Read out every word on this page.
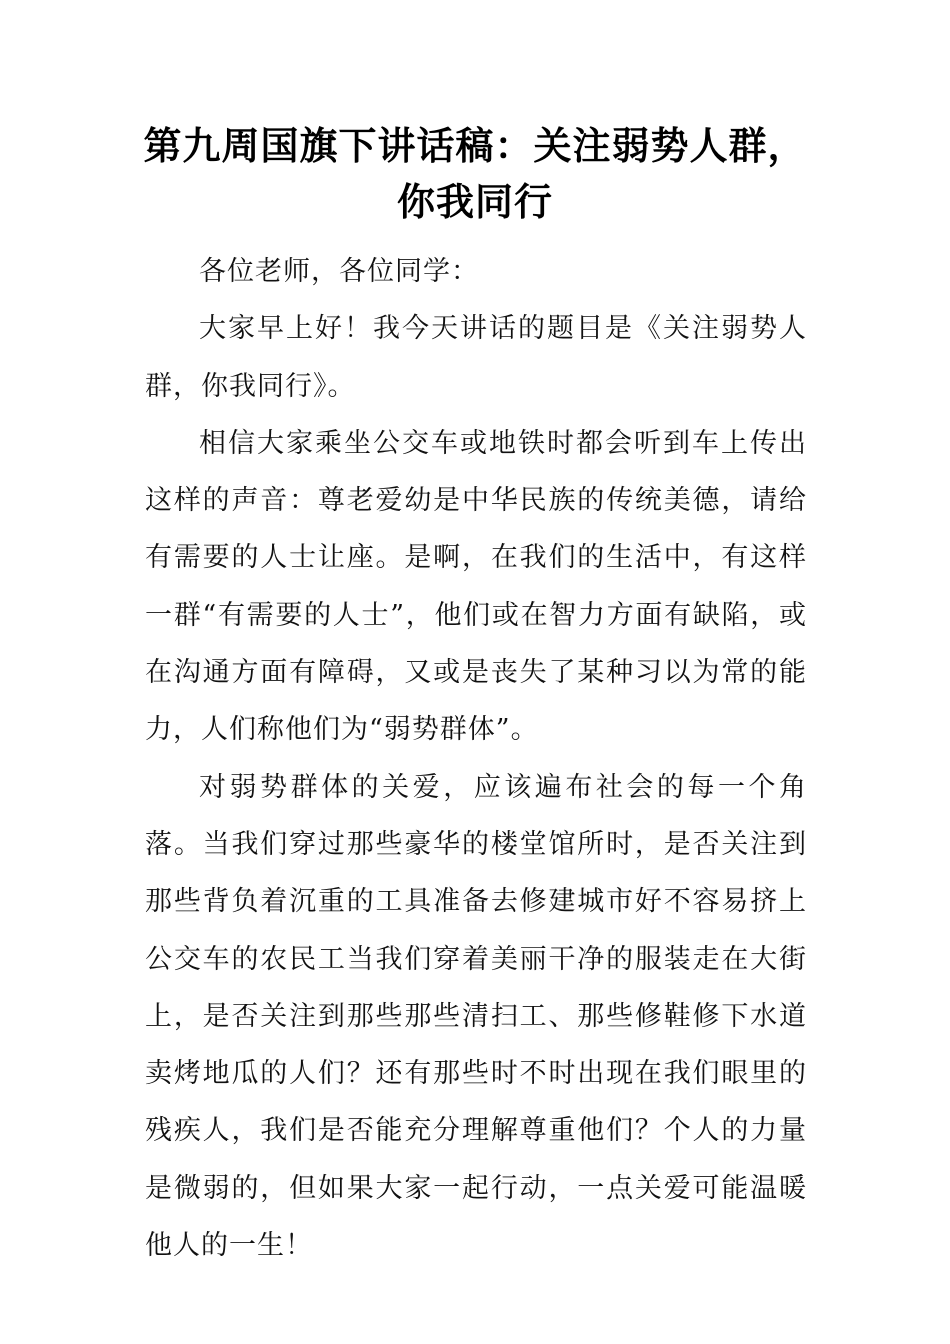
第九周国旗下讲话稿：关注弱势人群，
你我同行

各位老师，各位同学：

大家早上好！我今天讲话的题目是《关注弱势人群，你我同行》。

相信大家乘坐公交车或地铁时都会听到车上传出这样的声音：尊老爱幼是中华民族的传统美德，请给有需要的人士让座。是啊，在我们的生活中，有这样一群“有需要的人士”，他们或在智力方面有缺陷，或在沟通方面有障碍，又或是丧失了某种习以为常的能力，人们称他们为“弱势群体”。

对弱势群体的关爱，应该遍布社会的每一个角落。当我们穿过那些豪华的楼堂馆所时，是否关注到那些背负着沉重的工具准备去修建城市好不容易挤上公交车的农民工当我们穿着美丽干净的服装走在大街上，是否关注到那些那些清扫工、那些修鞋修下水道卖烤地瓜的人们？还有那些时不时出现在我们眼里的残疾人，我们是否能充分理解尊重他们？个人的力量是微弱的，但如果大家一起行动，一点关爱可能温暖他人的一生！
